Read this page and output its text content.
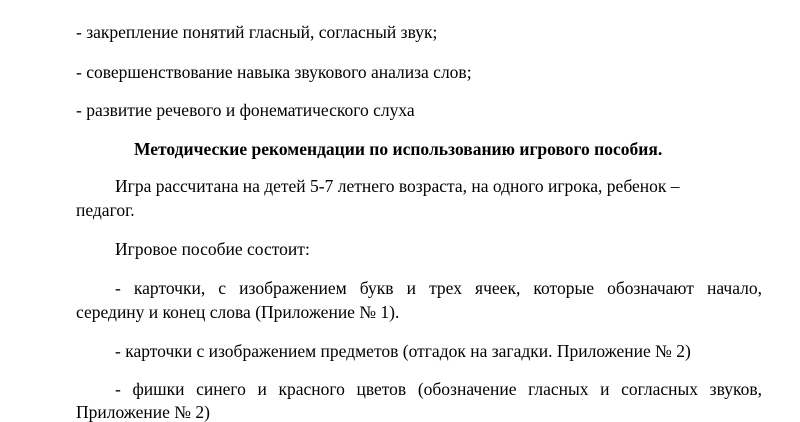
- закрепление понятий гласный, согласный звук;
- совершенствование навыка звукового анализа слов;
- развитие речевого и фонематического слуха
Методические рекомендации по использованию игрового пособия.
Игра рассчитана на детей 5-7 летнего возраста, на одного игрока, ребенок –
педагог.
Игровое пособие состоит:
- карточки, с изображением букв и трех ячеек, которые обозначают начало,
середину и конец слова (Приложение № 1).
- карточки с изображением предметов (отгадок на загадки. Приложение № 2)
- фишки синего и красного цветов (обозначение гласных и согласных звуков,
Приложение № 2)
